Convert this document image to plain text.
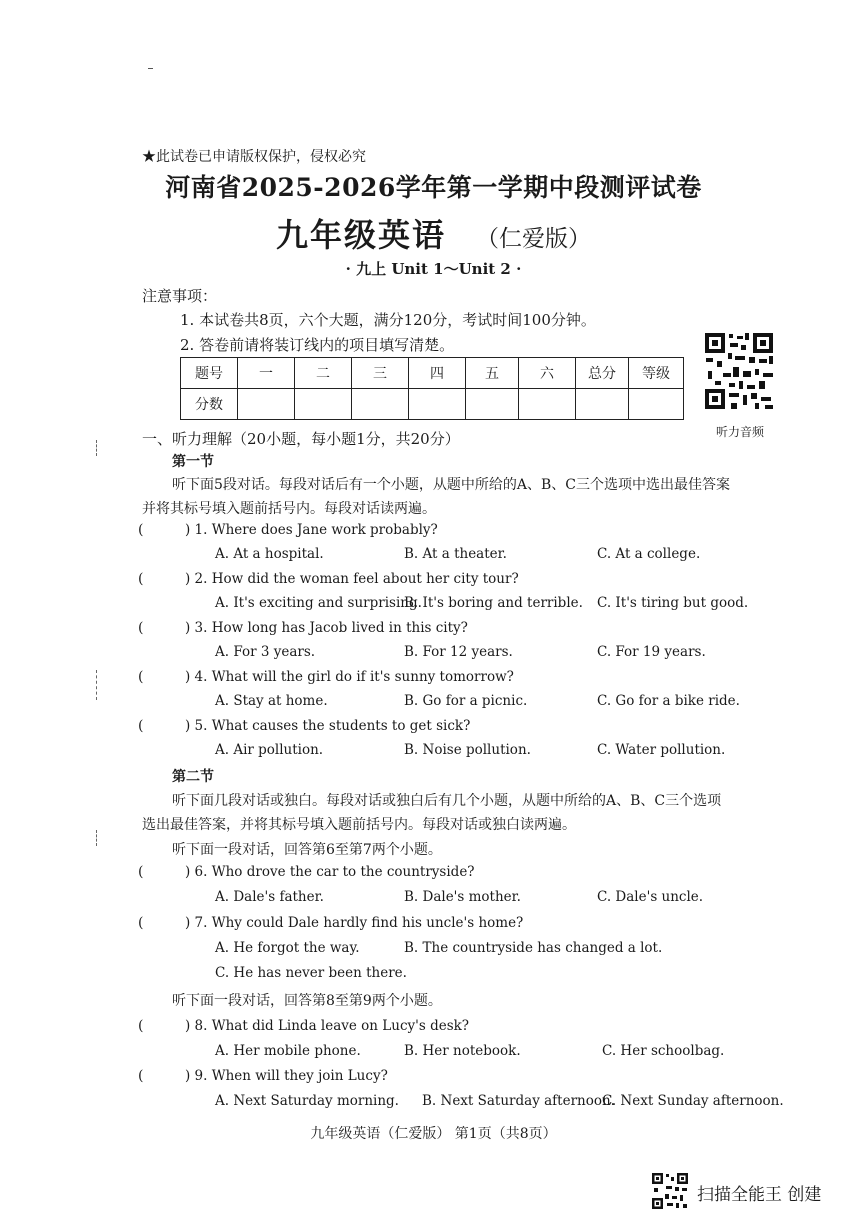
★此试卷已申请版权保护，侵权必究
河南省2025-2026学年第一学期中段测评试卷
九年级英语 （仁爱版）
· 九上 Unit 1～Unit 2 ·
注意事项：
1. 本试卷共8页，六个大题，满分120分，考试时间100分钟。
2. 答卷前请将装订线内的项目填写清楚。
题号	一	二	三	四	五	六	总分	等级
分数								
听力音频
一、听力理解（20小题，每小题1分，共20分）
第一节
听下面5段对话。每段对话后有一个小题，从题中所给的A、B、C三个选项中选出最佳答案
并将其标号填入题前括号内。每段对话读两遍。
(	) 1. Where does Jane work probably?
A. At a hospital.	B. At a theater.	C. At a college.
(	) 2. How did the woman feel about her city tour?
A. It's exciting and surprising.
B. It's boring and terrible. C. It's tiring but good.
(	) 3. How long has Jacob lived in this city?
A. For 3 years.	B. For 12 years.	C. For 19 years.
(	) 4. What will the girl do if it's sunny tomorrow?
A. Stay at home.	B. Go for a picnic.	C. Go for a bike ride.
(	) 5. What causes the students to get sick?
A. Air pollution.	B. Noise pollution.	C. Water pollution.
第二节
听下面几段对话或独白。每段对话或独白后有几个小题，从题中所给的A、B、C三个选项
选出最佳答案，并将其标号填入题前括号内。每段对话或独白读两遍。
听下面一段对话，回答第6至第7两个小题。
(	) 6. Who drove the car to the countryside?
A. Dale's father.	B. Dale's mother.	C. Dale's uncle.
(	) 7. Why could Dale hardly find his uncle's home?
A. He forgot the way.	B. The countryside has changed a lot.
C. He has never been there.
听下面一段对话，回答第8至第9两个小题。
(	) 8. What did Linda leave on Lucy's desk?
A. Her mobile phone.	B. Her notebook.	C. Her schoolbag.
(	) 9. When will they join Lucy?
A. Next Saturday morning. B. Next Saturday afternoon.
C. Next Sunday afternoon.
九年级英语（仁爱版） 第1页（共8页）
扫描全能王 创建
